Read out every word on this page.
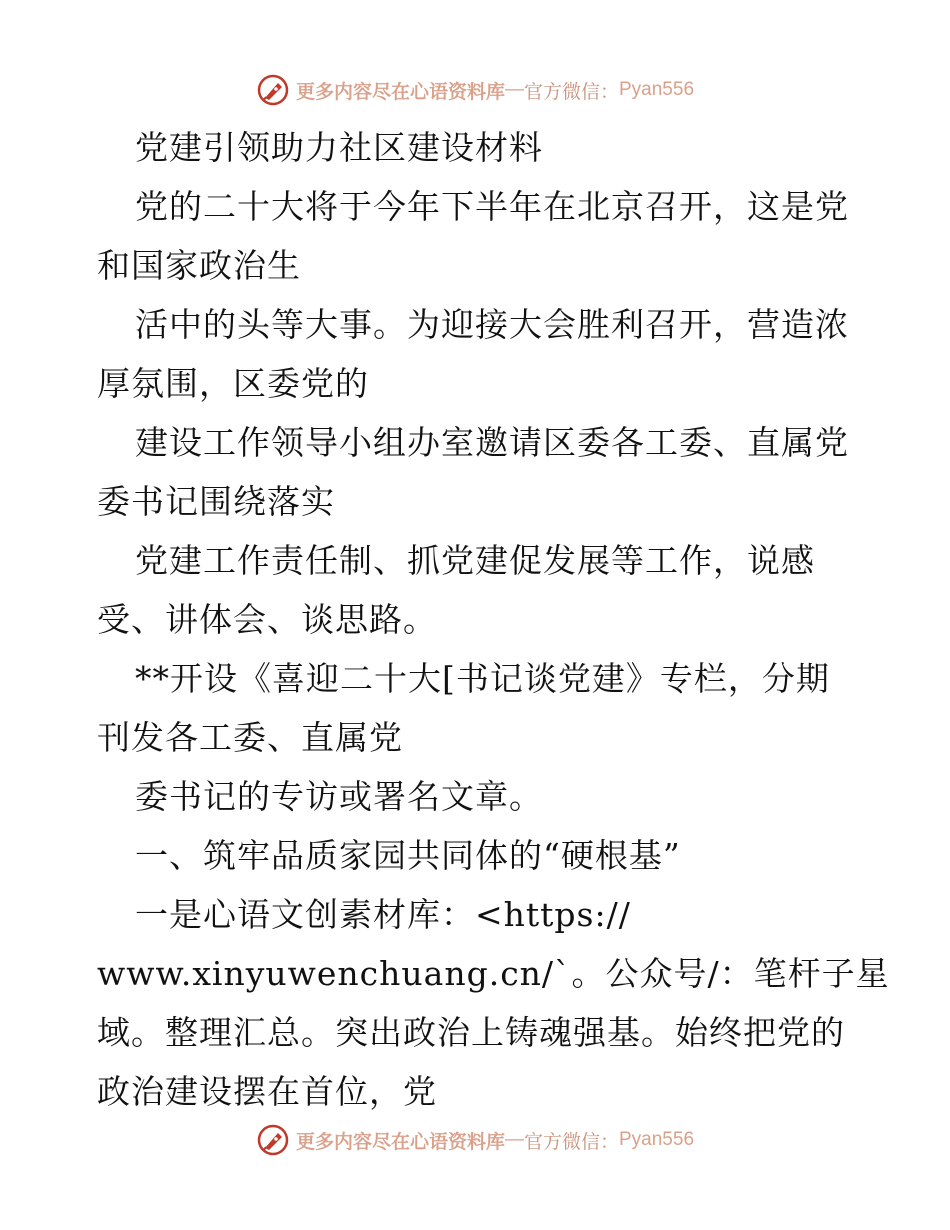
更多内容尽在心语资料库 — 官方微信： Pyan556
党建引领助力社区建设材料
党的二十大将于今年下半年在北京召开，这是党
和国家政治生
活中的头等大事。为迎接大会胜利召开，营造浓
厚氛围，区委党的
建设工作领导小组办室邀请区委各工委、直属党
委书记围绕落实
党建工作责任制、抓党建促发展等工作，说感
受、讲体会、谈思路。
**开设《喜迎二十大[书记谈党建》专栏，分期
刊发各工委、直属党
委书记的专访或署名文章。
一、筑牢品质家园共同体的“硬根基”
一是心语文创素材库：<https://
www.xinyuwenchuang.cn/`。公众号/：笔杆子星
域。整理汇总。突出政治上铸魂强基。始终把党的
政治建设摆在首位，党
更多内容尽在心语资料库 — 官方微信： Pyan556
